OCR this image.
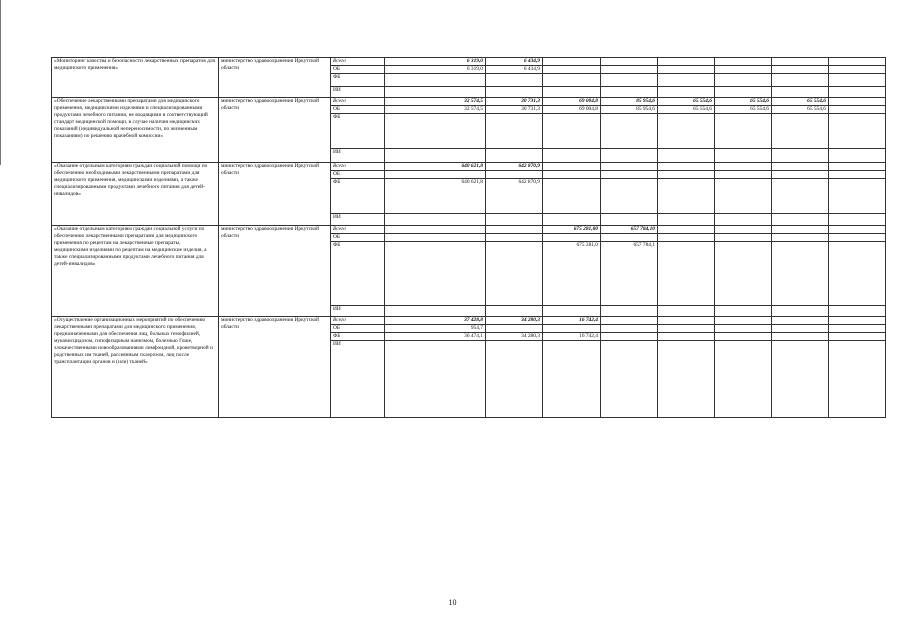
«Мониторинг качества и безопасности лекарственных препаратов для медицинского применения»	министерство здравоохранения Иркутской области	Всего	6 319,0	6 434,9						
		ОБ	6 319,0	6 434,9						
		ФБ								
		ИИ								
«Обеспечение лекарственными препаратами для медицинского применения, медицинскими изделиями и специализированными продуктами лечебного питания, не входящими в соответствующий стандарт медицинской помощи, в случае наличия медицинских показаний (индивидуальной непереносимости, по жизненным показаниям) по решению врачебной комиссии»	министерство здравоохранения Иркутской области	Всего	32 574,5	30 731,3	69 004,8	85 954,6	65 554,6	65 554,6	65 554,6	
		ОБ	32 574,5	30 731,3	69 004,8	85 954,6	65 554,6	65 554,6	65 554,6	
		ФБ								
		ИИ								
«Оказание отдельным категориям граждан социальной помощи по обеспечению необходимыми лекарственными препаратами для медицинского применения, медицинскими изделиями, а также специализированными продуктами лечебного питания для детей-инвалидов»	министерство здравоохранения Иркутской области	Всего	640 621,8	642 870,9						
		ОБ								
		ФБ	640 621,8	642 870,9						
		ИИ								
«Оказание отдельным категориям граждан социальной услуги по обеспечению лекарственными препаратами для медицинского применения по рецептам на лекарственные препараты, медицинскими изделиями по рецептам на медицинские изделия, а также специализированными продуктами лечебного питания для детей-инвалидов»	министерство здравоохранения Иркутской области	Всего			675 281,00	657 784,10				
		ОБ								
		ФБ			675 281,0	657 784,1				
		ИИ								
«Осуществление организационных мероприятий по обеспечению лекарственными препаратами для медицинского применения, предназначенными для обеспечения лиц, больных гемофилией, муковисцидозом, гипофизарным нанизмом, болезнью Гоше, злокачественными новообразованиями лимфоидной, кроветворной и родственных им тканей, рассеянным склерозом, лиц после трансплантации органов и (или) тканей»	министерство здравоохранения Иркутской области	Всего	37 428,8	34 280,3	16 742,4					
		ОБ	954,7							
		ФБ	36 474,1	34 280,3	16 742,4					
		ИИ								
10
